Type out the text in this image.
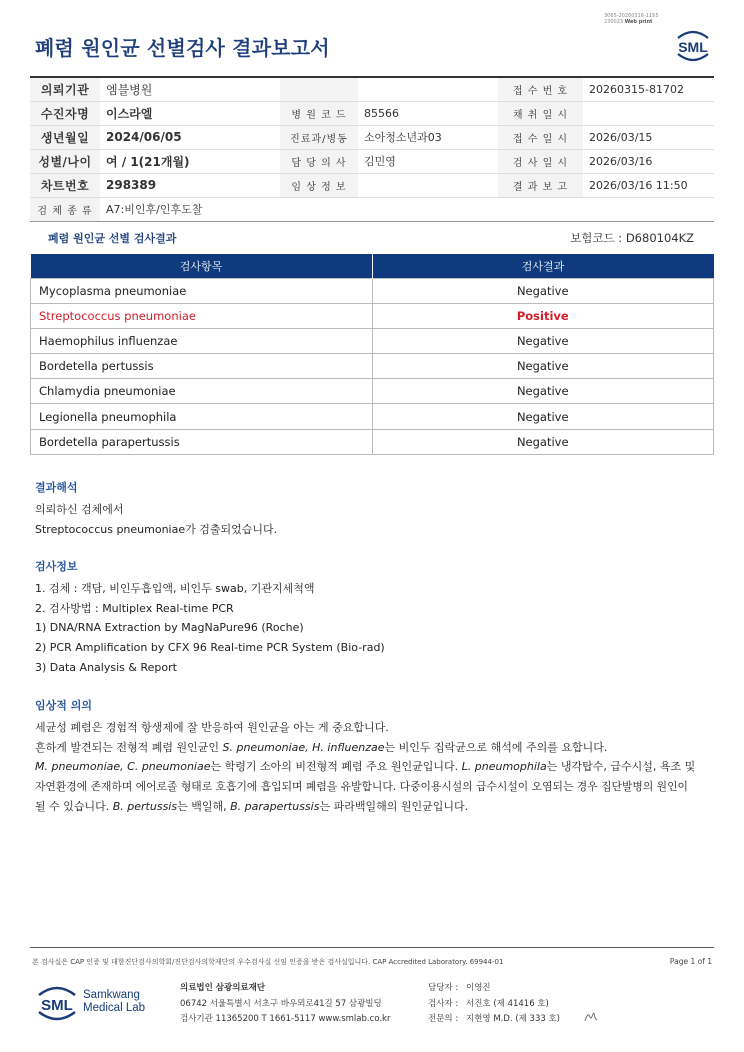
3065-20260316-1155
230023 Web print
폐렴 원인균 선별검사 결과보고서	SML
의뢰기관	엠블병원			접 수 번 호	20260315-81702
수진자명	이스라엘	병 원 코 드	85566	채 취 일 시	
생년월일	2024/06/05	진료과/병동	소아청소년과03	접 수 일 시	2026/03/15
성별/나이	여 / 1(21개월)	담 당 의 사	김민영	검 사 일 시	2026/03/16
차트번호	298389	임 상 정 보		결 과 보 고	2026/03/16 11:50
검 체 종 류	A7:비인후/인후도찰				
폐렴 원인균 선별 검사결과	보험코드 : D680104KZ
검사항목	검사결과
Mycoplasma pneumoniae	Negative
Streptococcus pneumoniae	Positive
Haemophilus influenzae	Negative
Bordetella pertussis	Negative
Chlamydia pneumoniae	Negative
Legionella pneumophila	Negative
Bordetella parapertussis	Negative
결과해석

의뢰하신 검체에서

Streptococcus pneumoniae가 검출되었습니다.

검사정보

1. 검체 : 객담, 비인두흡입액, 비인두 swab, 기관지세척액

2. 검사방법 : Multiplex Real-time PCR

1) DNA/RNA Extraction by MagNaPure96 (Roche)

2) PCR Amplification by CFX 96 Real-time PCR System (Bio-rad)

3) Data Analysis & Report

임상적 의의

세균성 폐렴은 경험적 항생제에 잘 반응하여 원인균을 아는 게 중요합니다.

흔하게 발견되는 전형적 폐렴 원인균인 S. pneumoniae, H. influenzae는 비인두 집락균으로 해석에 주의를 요합니다.

M. pneumoniae, C. pneumoniae는 학령기 소아의 비전형적 폐렴 주요 원인균입니다. L. pneumophila는 냉각탑수, 급수시설, 욕조 및

자연환경에 존재하며 에어로졸 형태로 호흡기에 흡입되며 폐렴을 유발합니다. 다중이용시설의 급수시설이 오염되는 경우 집단발병의 원인이

될 수 있습니다. B. pertussis는 백일해, B. parapertussis는 파라백일해의 원인균입니다.

본 검사실은 CAP 인증 및 대한진단검사의학회/진단검사의학재단의 우수검사실 신임 인증을 받은 검사실입니다. CAP Accredited Laboratory. 69944-01	Page 1 of 1
SML
Samkwang
Medical Lab
의료법인 삼광의료재단
06742 서울특별시 서초구 바우뫼로41길 57 삼광빌딩
검사기관 11365200 T 1661-5117 www.smlab.co.kr
담당자 : 이영진
검사자 : 서진호 (제 41416 호)
전문의 : 지현영 M.D. (제 333 호)
